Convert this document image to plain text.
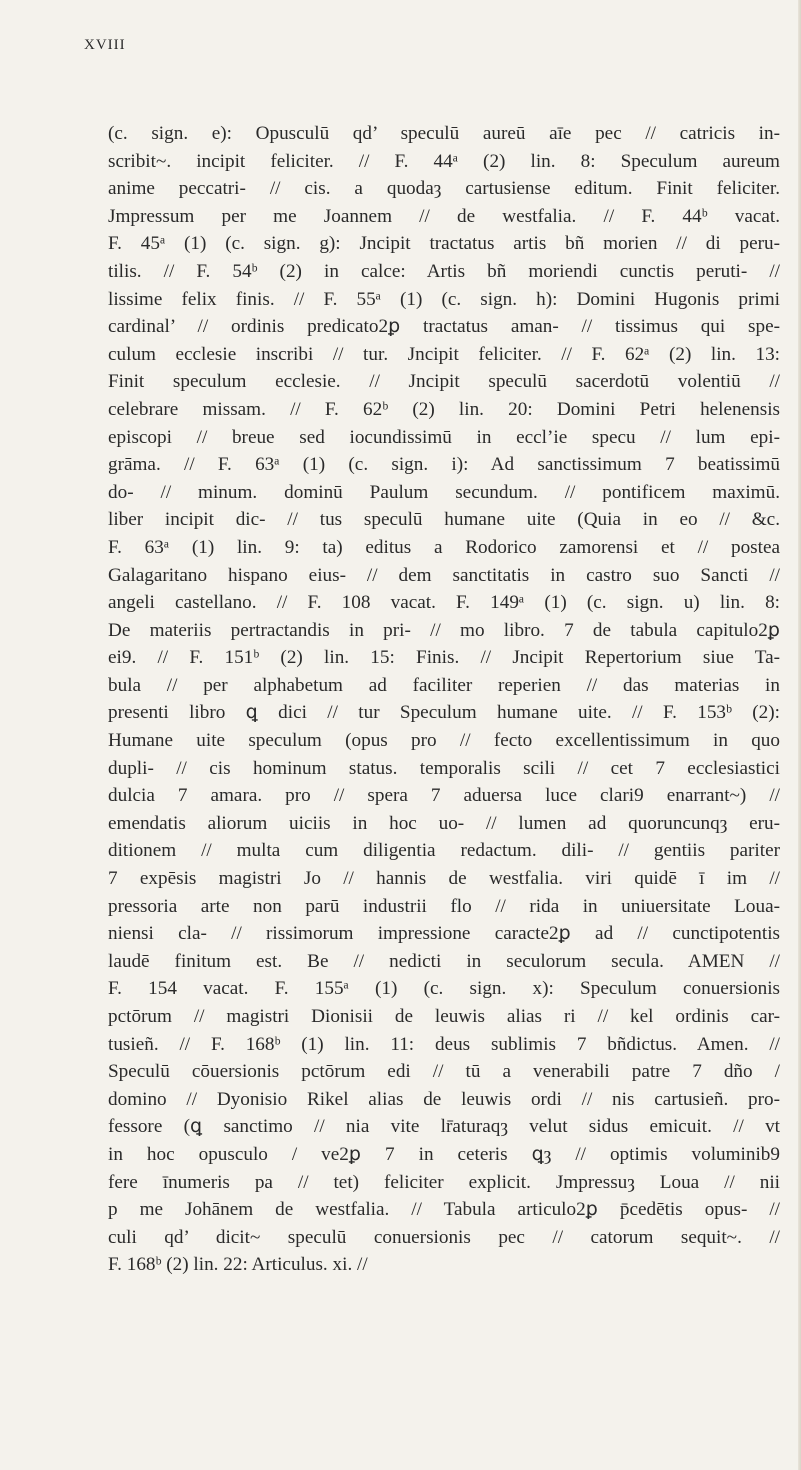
XVIII
(c. sign. e): Opusculū qd’ speculū aureū aīe pec // catricis in-
scribit~. incipit feliciter. // F. 44ᵃ (2) lin. 8: Speculum aureum
anime peccatri- // cis. a quodaȝ cartusiense editum. Finit feliciter.
Jmpressum per me Joannem // de westfalia. // F. 44ᵇ vacat.
F. 45ᵃ (1) (c. sign. g): Jncipit tractatus artis bñ morien // di peru-
tilis. // F. 54ᵇ (2) in calce: Artis bñ moriendi cunctis peruti- //
lissime felix finis. // F. 55ᵃ (1) (c. sign. h): Domini Hugonis primi
cardinal’ // ordinis predicato2ꝑ tractatus aman- // tissimus qui spe-
culum ecclesie inscribi // tur. Jncipit feliciter. // F. 62ᵃ (2) lin. 13:
Finit speculum ecclesie. // Jncipit speculū sacerdotū volentiū //
celebrare missam. // F. 62ᵇ (2) lin. 20: Domini Petri helenensis
episcopi // breue sed iocundissimū in eccl’ie specu // lum epi-
grāma. // F. 63ᵃ (1) (c. sign. i): Ad sanctissimum 7 beatissimū
do- // minum. dominū Paulum secundum. // pontificem maximū.
liber incipit dic- // tus speculū humane uite (Quia in eo // &c.
F. 63ᵃ (1) lin. 9: ta) editus a Rodorico zamorensi et // postea
Galagaritano hispano eius- // dem sanctitatis in castro suo Sancti //
angeli castellano. // F. 108 vacat. F. 149ᵃ (1) (c. sign. u) lin. 8:
De materiis pertractandis in pri- // mo libro. 7 de tabula capitulo2ꝑ
ei9. // F. 151ᵇ (2) lin. 15: Finis. // Jncipit Repertorium siue Ta-
bula // per alphabetum ad faciliter reperien // das materias in
presenti libro ꝗ dici // tur Speculum humane uite. // F. 153ᵇ (2):
Humane uite speculum (opus pro // fecto excellentissimum in quo
dupli- // cis hominum status. temporalis scili // cet 7 ecclesiastici
dulcia 7 amara. pro // spera 7 aduersa luce clari9 enarrant~) //
emendatis aliorum uiciis in hoc uo- // lumen ad quoruncunqȝ eru-
ditionem // multa cum diligentia redactum. dili- // gentiis pariter
7 expēsis magistri Jo // hannis de westfalia. viri quidē ī im //
pressoria arte non parū industrii flo // rida in uniuersitate Loua-
niensi cla- // rissimorum impressione caracte2ꝑ ad // cunctipotentis
laudē finitum est. Be // nedicti in seculorum secula. AMEN //
F. 154 vacat. F. 155ᵃ (1) (c. sign. x): Speculum conuersionis
pctōrum // magistri Dionisii de leuwis alias ri // kel ordinis car-
tusieñ. // F. 168ᵇ (1) lin. 11: deus sublimis 7 bñdictus. Amen. //
Speculū cōuersionis pctōrum edi // tū a venerabili patre 7 dño /
domino // Dyonisio Rikel alias de leuwis ordi // nis cartusieñ. pro-
fessore (ꝗ sanctimo // nia vite lr̄aturaqȝ velut sidus emicuit. // vt
in hoc opusculo / ve2ꝑ 7 in ceteris ꝗȝ // optimis voluminib9
fere īnumeris pa // tet) feliciter explicit. Jmpressuȝ Loua // nii
p me Johānem de westfalia. // Tabula articulo2ꝑ p̄cedētis opus- //
culi qd’ dicit~ speculū conuersionis pec // catorum sequit~. //
F. 168ᵇ (2) lin. 22: Articulus. xi. //
